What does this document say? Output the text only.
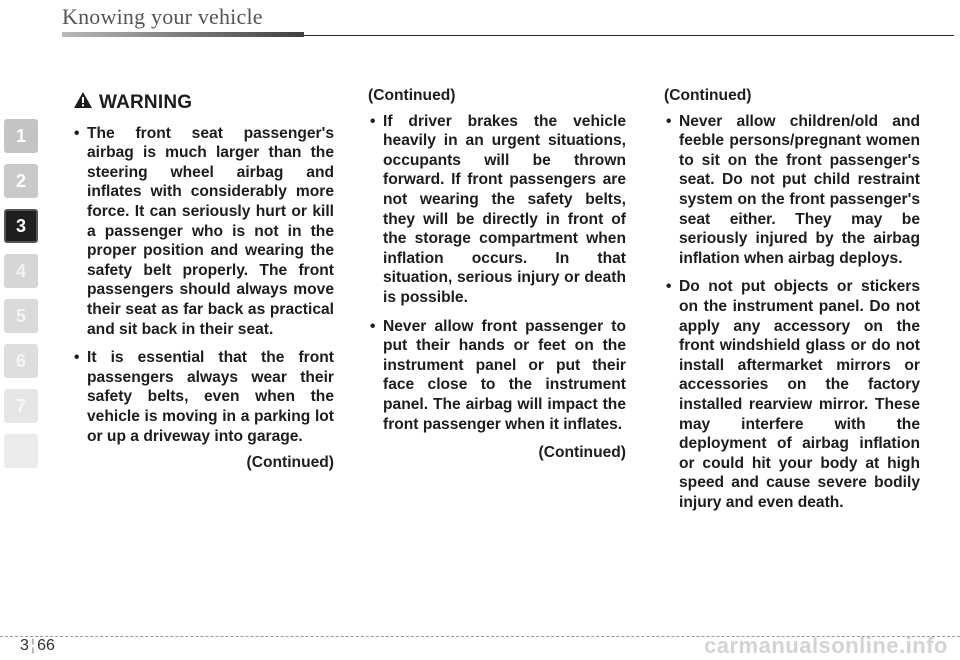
Knowing your vehicle
1
2
3
4
5
6
7
WARNING
• The front seat passenger's airbag is much larger than the steering wheel airbag and inflates with considerably more force. It can seriously hurt or kill a passenger who is not in the proper position and wearing the safety belt properly. The front passengers should always move their seat as far back as practical and sit back in their seat.
• It is essential that the front passengers always wear their safety belts, even when the vehicle is moving in a parking lot or up a driveway into garage.
(Continued)
(Continued)
• If driver brakes the vehicle heavily in an urgent situations, occupants will be thrown forward. If front passengers are not wearing the safety belts, they will be directly in front of the storage compartment when inflation occurs. In that situation, serious injury or death is possible.
• Never allow front passenger to put their hands or feet on the instrument panel or put their face close to the instrument panel. The airbag will impact the front passenger when it inflates.
(Continued)
(Continued)
• Never allow children/old and feeble persons/pregnant women to sit on the front passenger's seat. Do not put child restraint system on the front passenger's seat either. They may be seriously injured by the airbag inflation when airbag deploys.
• Do not put objects or stickers on the instrument panel. Do not apply any accessory on the front windshield glass or do not install aftermarket mirrors or accessories on the factory installed rearview mirror. These may interfere with the deployment of airbag inflation or could hit your body at high speed and cause severe bodily injury and even death.
3 ¦ 66	carmanualsonline.info
